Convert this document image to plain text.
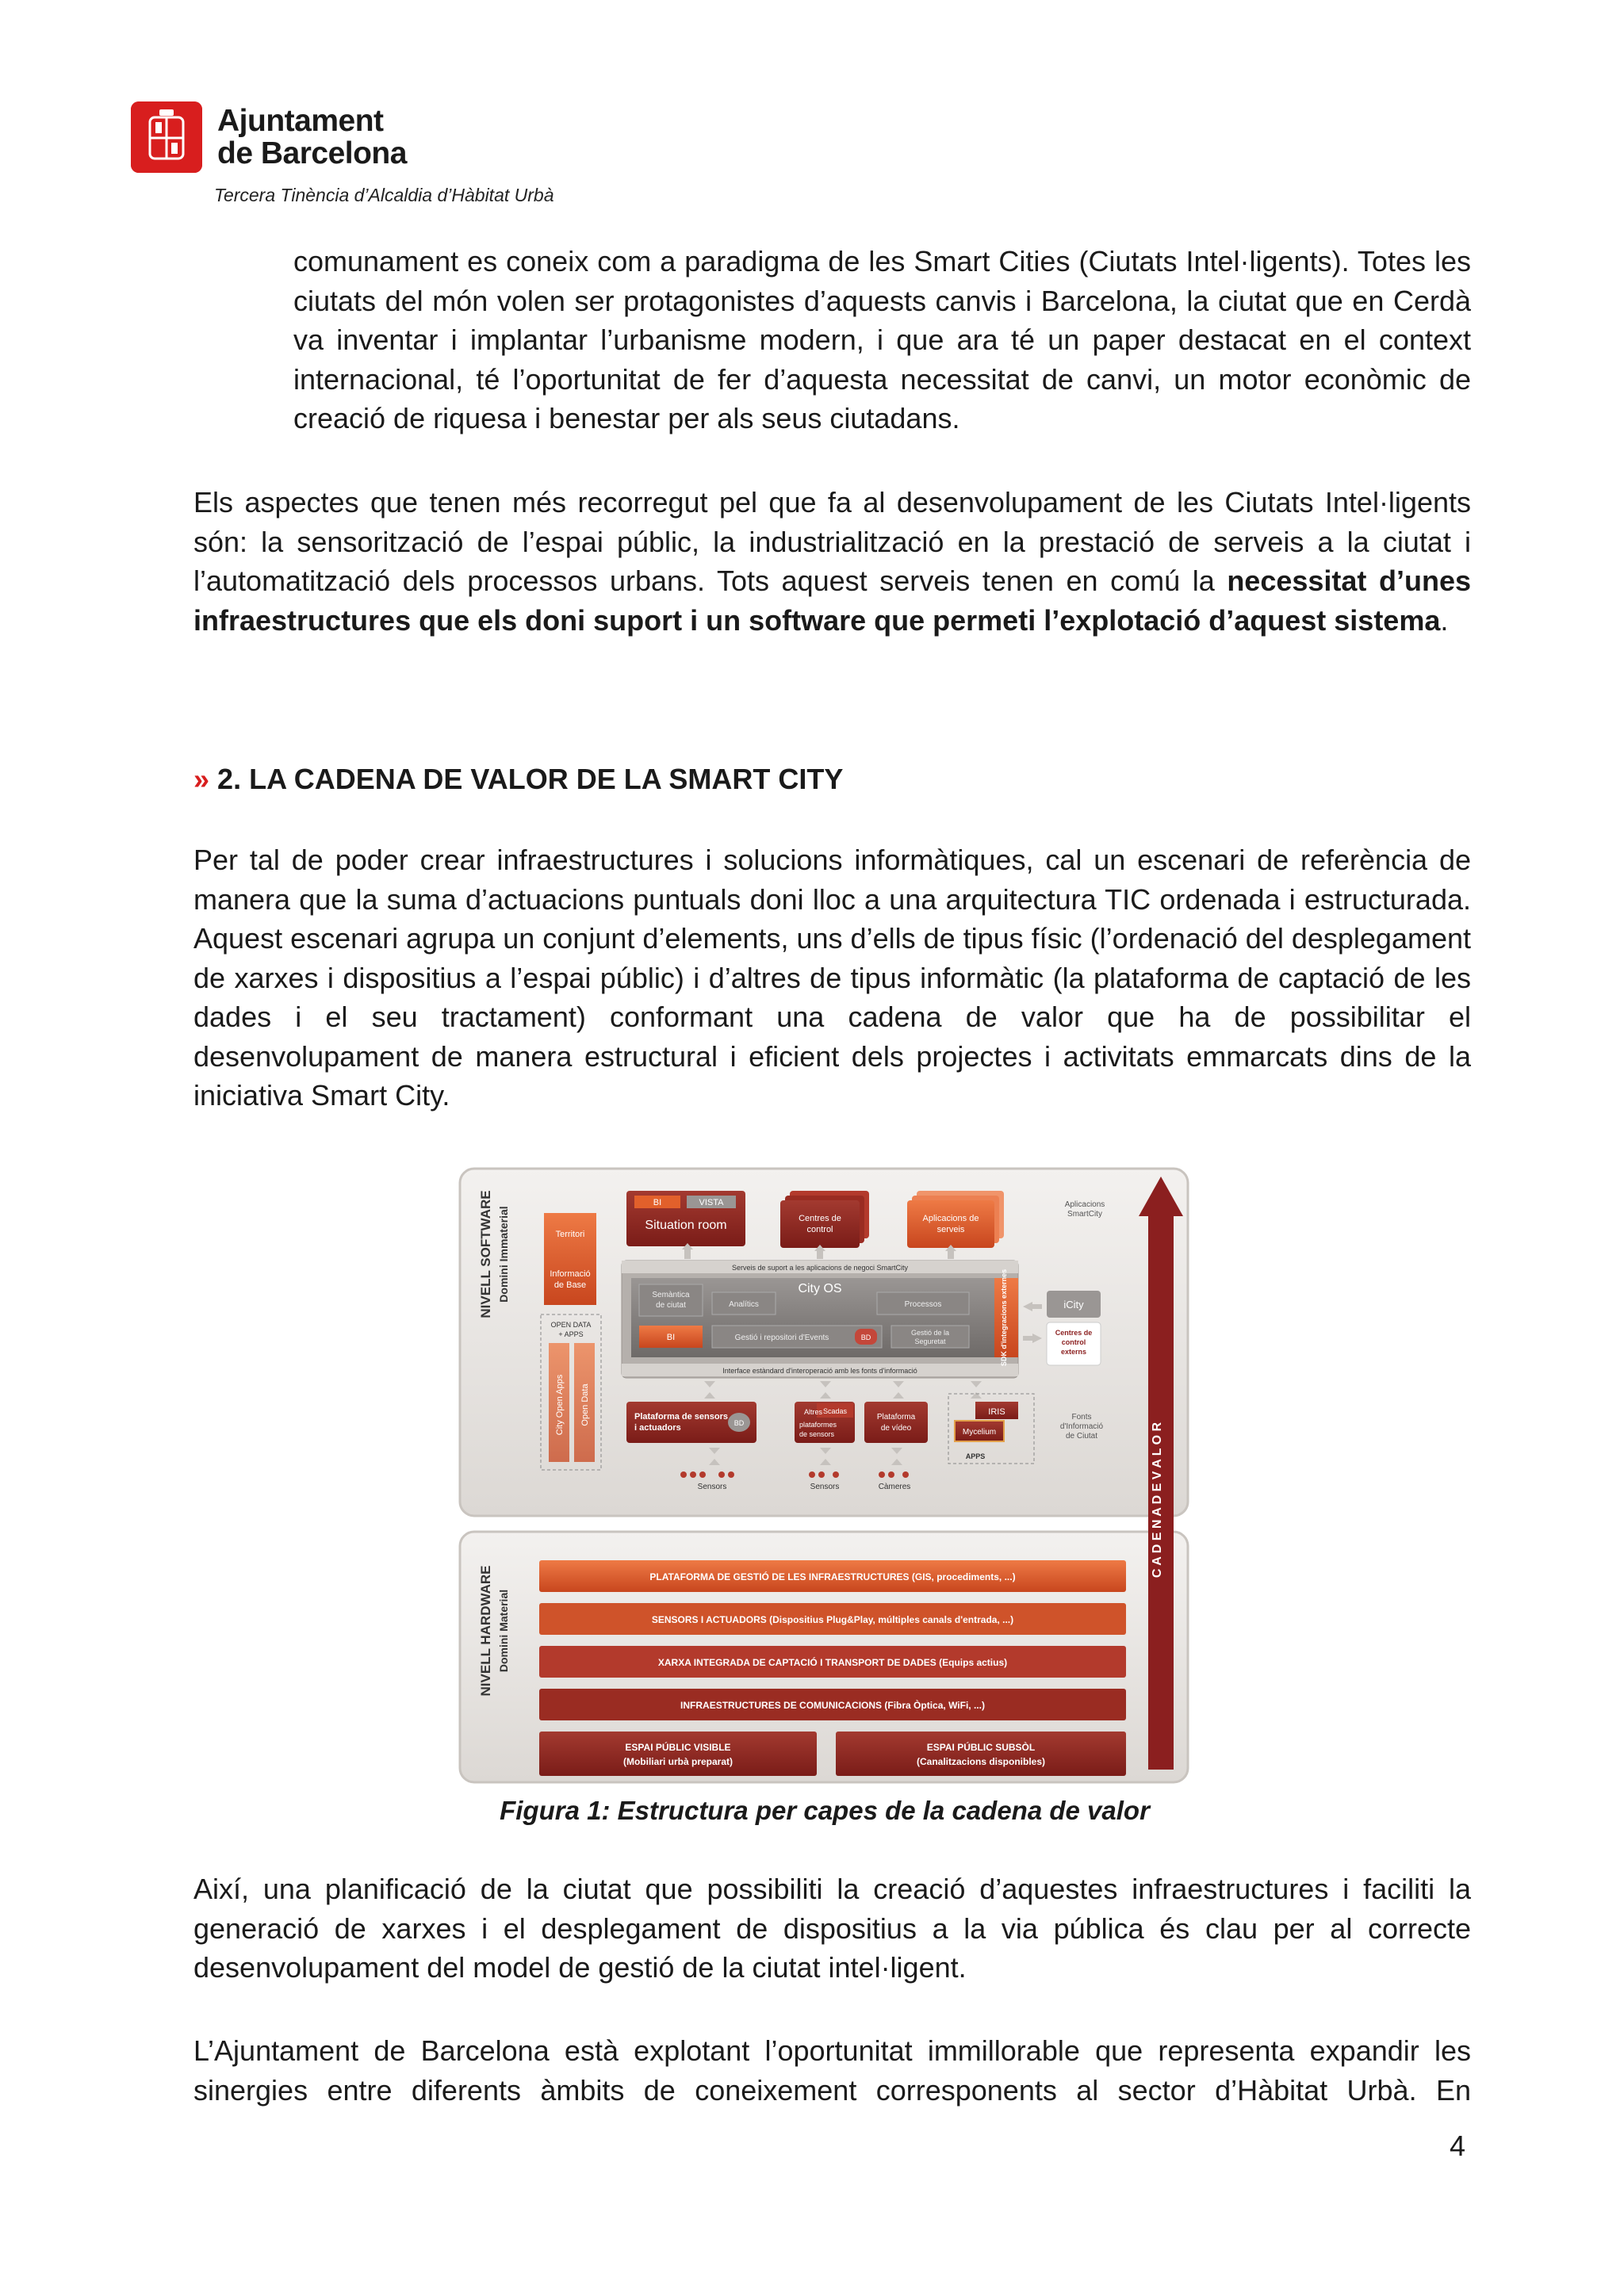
Ajuntament
de Barcelona
Tercera Tinència d’Alcaldia d’Hàbitat Urbà

comunament es coneix com a paradigma de les Smart Cities (Ciutats Intel·ligents). Totes les ciutats del món volen ser protagonistes d’aquests canvis i Barcelona, la ciutat que en Cerdà va inventar i implantar l’urbanisme modern, i que ara té un paper destacat en el context internacional, té l’oportunitat de fer d’aquesta necessitat de canvi, un motor econòmic de creació de riquesa i benestar per als seus ciutadans.

Els aspectes que tenen més recorregut pel que fa al desenvolupament de les Ciutats Intel·ligents són: la sensorització de l’espai públic, la industrialització en la prestació de serveis a la ciutat i l’automatització dels processos urbans. Tots aquest serveis tenen en comú la necessitat d’unes infraestructures que els doni suport i un software que permeti l’explotació d’aquest sistema.

» 2. LA CADENA DE VALOR DE LA SMART CITY

Per tal de poder crear infraestructures i solucions informàtiques, cal un escenari de referència de manera que la suma d’actuacions puntuals doni lloc a una arquitectura TIC ordenada i estructurada. Aquest escenari agrupa un conjunt d’elements, uns d’ells de tipus físic (l’ordenació del desplegament de xarxes i dispositius a l’espai públic) i d’altres de tipus informàtic (la plataforma de captació de les dades i el seu tractament) conformant una cadena de valor que ha de possibilitar el desenvolupament de manera estructural i eficient dels projectes i activitats emmarcats dins de la iniciativa Smart City.

C A D E N A D E V A L O R
NIVELL SOFTWARE Domini Immaterial
NIVELL HARDWARE Domini Material
Territori
Informació
de Base
OPEN DATA
+ APPS
City Open Apps Open Data
BI	VISTA
Situation room	Centres de
control
Aplicacions de
serveis
Aplicacions
SmartCity
Serveis de suport a les aplicacions de negoci SmartCity
City OS
Semàntica
de ciutat	Analítics	Processos
BI	Gestió i repositori d'Events	BD
Gestió de la
Seguretat
Interface estàndard d'interoperació amb les fonts d'informació
SDK d'integracions externes	iCity
Centres de
control
externs
Plataforma de sensors
i actuadors	BD
Scadas
Altres
plataformes
de sensors
Plataforma
de vídeo
IRIS
Mycelium
APPS
Fonts
d'Informació
de Ciutat
Sensors	Sensors	Càmeres
PLATAFORMA DE GESTIÓ DE LES INFRAESTRUCTURES (GIS, procediments, ...)
SENSORS I ACTUADORS (Dispositius Plug&Play, múltiples canals d'entrada, ...)
XARXA INTEGRADA DE CAPTACIÓ I TRANSPORT DE DADES (Equips actius)
INFRAESTRUCTURES DE COMUNICACIONS (Fibra Òptica, WiFi, ...)
ESPAI PÚBLIC VISIBLE
(Mobiliari urbà preparat)
ESPAI PÚBLIC SUBSÒL
(Canalitzacions disponibles)
Figura 1: Estructura per capes de la cadena de valor

Així, una planificació de la ciutat que possibiliti la creació d’aquestes infraestructures i faciliti la generació de xarxes i el desplegament de dispositius a la via pública és clau per al correcte desenvolupament del model de gestió de la ciutat intel·ligent.

L’Ajuntament de Barcelona està explotant l’oportunitat immillorable que representa expandir les sinergies entre diferents àmbits de coneixement corresponents al sector d’Hàbitat Urbà. En

4
